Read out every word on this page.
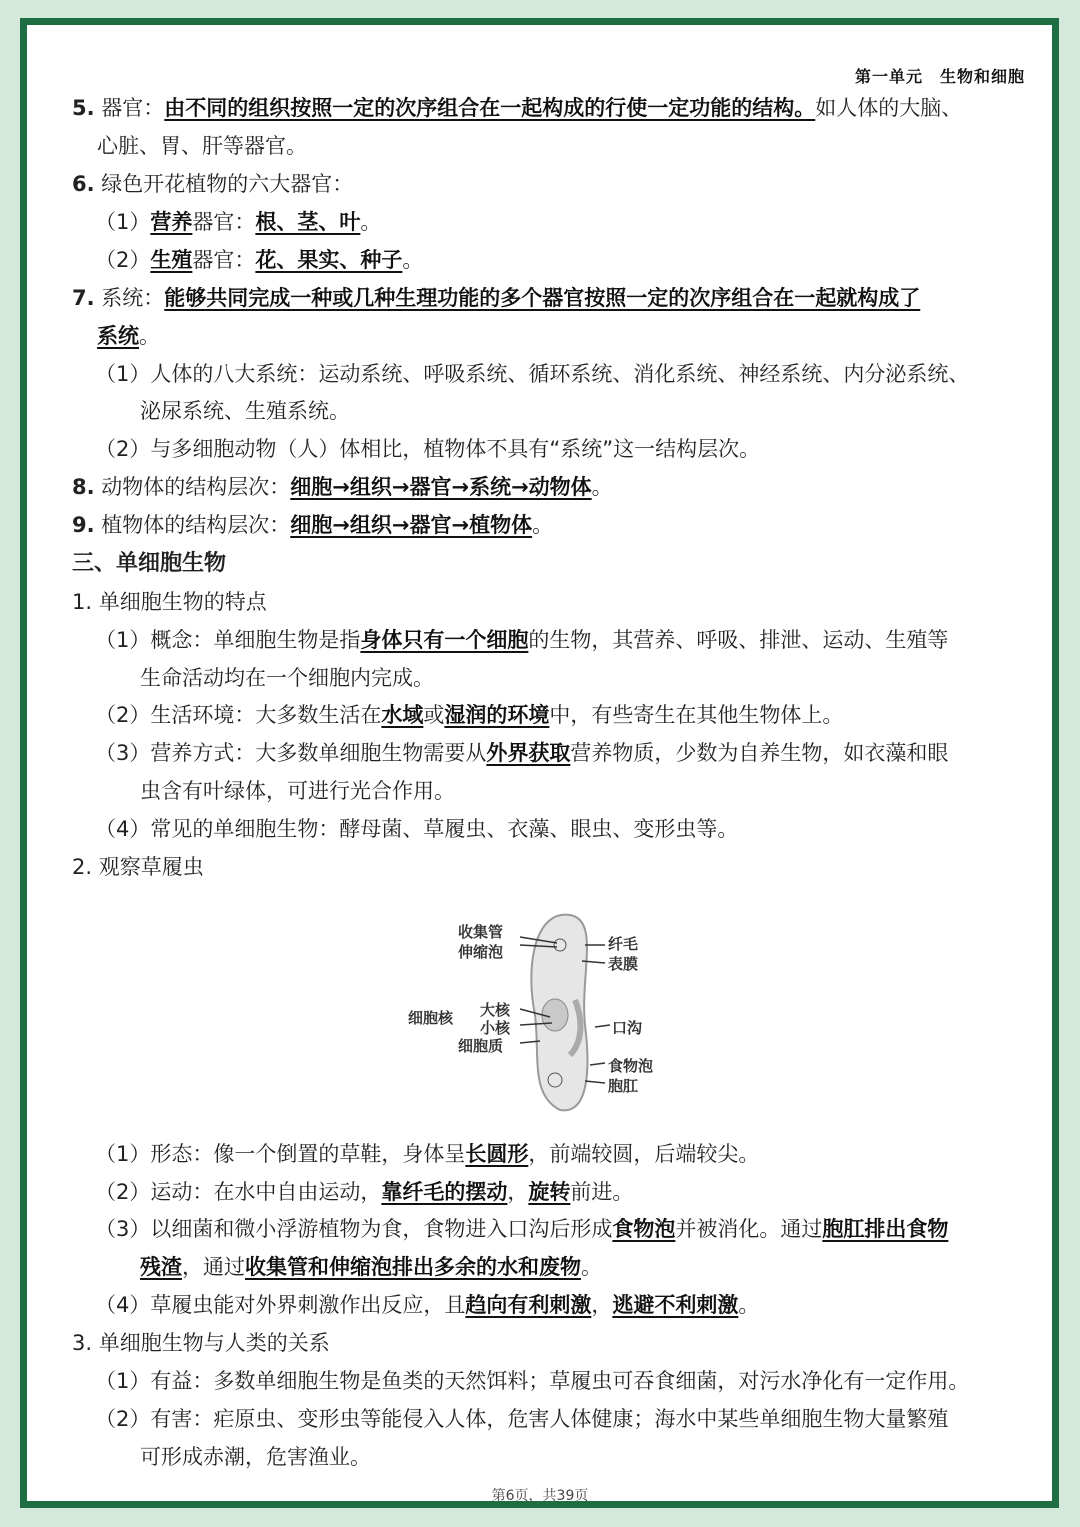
第一单元　生物和细胞
5. 器官：由不同的组织按照一定的次序组合在一起构成的行使一定功能的结构。如人体的大脑、
心脏、胃、肝等器官。
6. 绿色开花植物的六大器官：
（1）营养器官：根、茎、叶。
（2）生殖器官：花、果实、种子。
7. 系统：能够共同完成一种或几种生理功能的多个器官按照一定的次序组合在一起就构成了
系统。
（1）人体的八大系统：运动系统、呼吸系统、循环系统、消化系统、神经系统、内分泌系统、
泌尿系统、生殖系统。
（2）与多细胞动物（人）体相比，植物体不具有“系统”这一结构层次。
8. 动物体的结构层次：细胞→组织→器官→系统→动物体。
9. 植物体的结构层次：细胞→组织→器官→植物体。
三、单细胞生物
1. 单细胞生物的特点
（1）概念：单细胞生物是指身体只有一个细胞的生物，其营养、呼吸、排泄、运动、生殖等
生命活动均在一个细胞内完成。
（2）生活环境：大多数生活在水域或湿润的环境中，有些寄生在其他生物体上。
（3）营养方式：大多数单细胞生物需要从外界获取营养物质，少数为自养生物，如衣藻和眼
虫含有叶绿体，可进行光合作用。
（4）常见的单细胞生物：酵母菌、草履虫、衣藻、眼虫、变形虫等。
2. 观察草履虫
收集管
伸缩泡	纤毛
表膜
细胞核 大核
小核
细胞质
口沟
食物泡
胞肛
（1）形态：像一个倒置的草鞋，身体呈长圆形，前端较圆，后端较尖。
（2）运动：在水中自由运动，靠纤毛的摆动，旋转前进。
（3）以细菌和微小浮游植物为食，食物进入口沟后形成食物泡并被消化。通过胞肛排出食物
残渣，通过收集管和伸缩泡排出多余的水和废物。
（4）草履虫能对外界刺激作出反应，且趋向有利刺激，逃避不利刺激。
3. 单细胞生物与人类的关系
（1）有益：多数单细胞生物是鱼类的天然饵料；草履虫可吞食细菌，对污水净化有一定作用。
（2）有害：疟原虫、变形虫等能侵入人体，危害人体健康；海水中某些单细胞生物大量繁殖
可形成赤潮，危害渔业。
第6页，共39页
